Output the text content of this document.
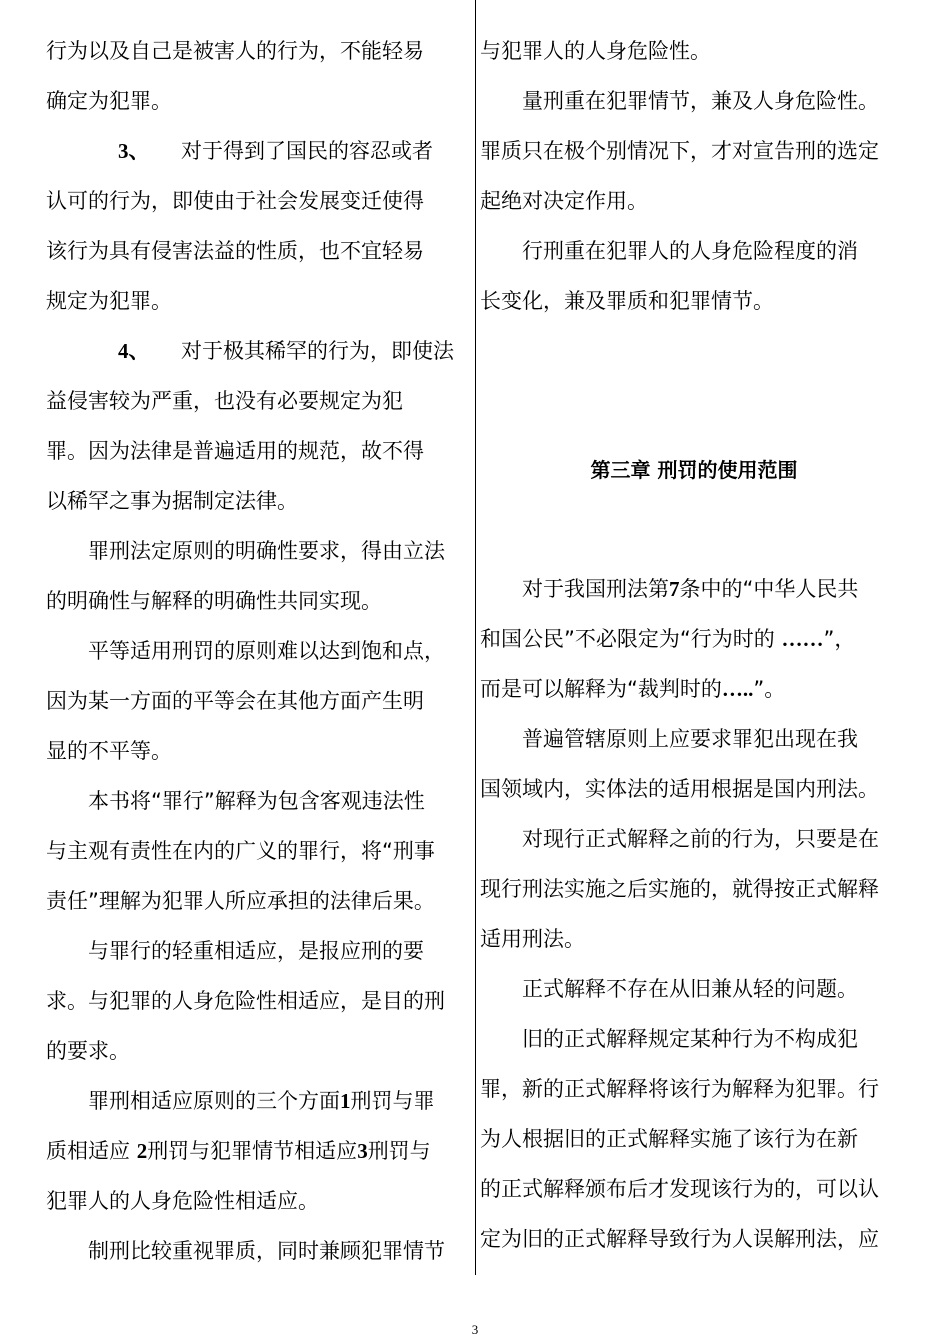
行为以及自己是被害人的行为，不能轻易
确定为犯罪。
3、　　 对于得到了国民的容忍或者
认可的行为，即使由于社会发展变迁使得
该行为具有侵害法益的性质，也不宜轻易
规定为犯罪。
4、　　 对于极其稀罕的行为，即使法
益侵害较为严重，也没有必要规定为犯
罪。因为法律是普遍适用的规范，故不得
以稀罕之事为据制定法律。
罪刑法定原则的明确性要求，得由立法
的明确性与解释的明确性共同实现。
平等适用刑罚的原则难以达到饱和点，
因为某一方面的平等会在其他方面产生明
显的不平等。
本书将“罪行”解释为包含客观违法性
与主观有责性在内的广义的罪行，将“刑事
责任”理解为犯罪人所应承担的法律后果。
与罪行的轻重相适应，是报应刑的要
求。与犯罪的人身危险性相适应，是目的刑
的要求。
罪刑相适应原则的三个方面1刑罚与罪
质相适应 2刑罚与犯罪情节相适应3刑罚与
犯罪人的人身危险性相适应。
制刑比较重视罪质，同时兼顾犯罪情节
与犯罪人的人身危险性。
量刑重在犯罪情节，兼及人身危险性。
罪质只在极个别情况下，才对宣告刑的选定
起绝对决定作用。
行刑重在犯罪人的人身危险程度的消
长变化，兼及罪质和犯罪情节。
第三章 刑罚的使用范围
对于我国刑法第7条中的“中华人民共
和国公民”不必限定为“行为时的 ……”，
而是可以解释为“裁判时的…..”。
普遍管辖原则上应要求罪犯出现在我
国领域内，实体法的适用根据是国内刑法。
对现行正式解释之前的行为，只要是在
现行刑法实施之后实施的，就得按正式解释
适用刑法。
正式解释不存在从旧兼从轻的问题。
旧的正式解释规定某种行为不构成犯
罪，新的正式解释将该行为解释为犯罪。行
为人根据旧的正式解释实施了该行为在新
的正式解释颁布后才发现该行为的，可以认
定为旧的正式解释导致行为人误解刑法，应
3
